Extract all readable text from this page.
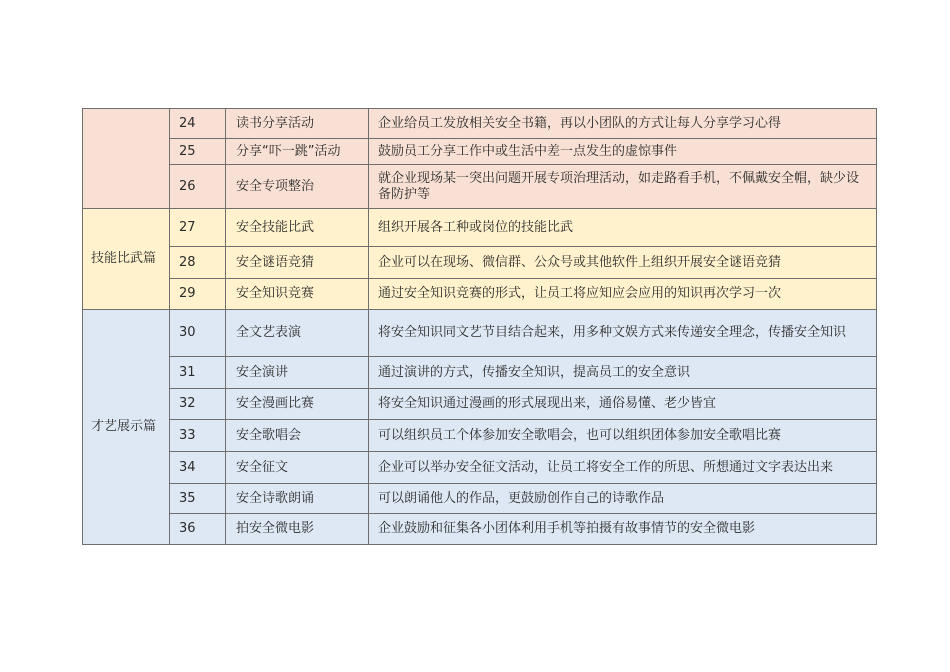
	24	读书分享活动	企业给员工发放相关安全书籍，再以小团队的方式让每人分享学习心得
	25	分享“吓一跳”活动	鼓励员工分享工作中或生活中差一点发生的虚惊事件
	26	安全专项整治	就企业现场某一突出问题开展专项治理活动，如走路看手机，不佩戴安全帽，缺少设备防护等
技能比武篇	27	安全技能比武	组织开展各工种或岗位的技能比武
	28	安全谜语竞猜	企业可以在现场、微信群、公众号或其他软件上组织开展安全谜语竞猜
	29	安全知识竞赛	通过安全知识竞赛的形式，让员工将应知应会应用的知识再次学习一次
才艺展示篇	30	全文艺表演	将安全知识同文艺节目结合起来，用多种文娱方式来传递安全理念，传播安全知识
	31	安全演讲	通过演讲的方式，传播安全知识，提高员工的安全意识
	32	安全漫画比赛	将安全知识通过漫画的形式展现出来，通俗易懂、老少皆宜
	33	安全歌唱会	可以组织员工个体参加安全歌唱会，也可以组织团体参加安全歌唱比赛
	34	安全征文	企业可以举办安全征文活动，让员工将安全工作的所思、所想通过文字表达出来
	35	安全诗歌朗诵	可以朗诵他人的作品，更鼓励创作自己的诗歌作品
	36	拍安全微电影	企业鼓励和征集各小团体利用手机等拍摄有故事情节的安全微电影
